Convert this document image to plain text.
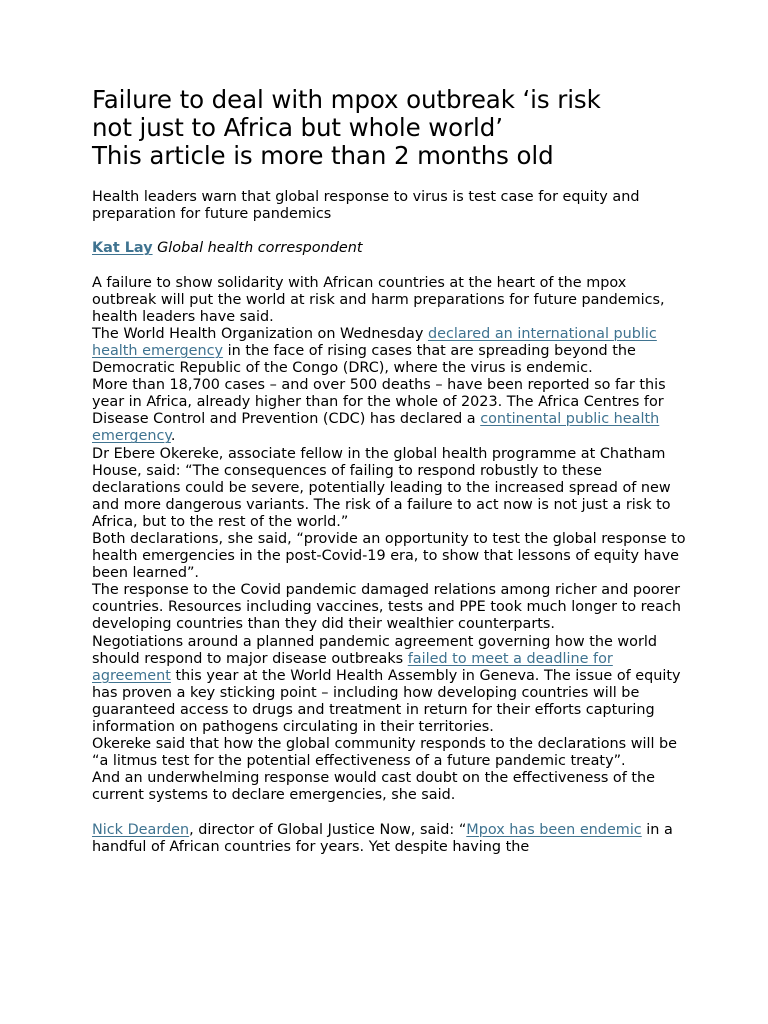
Failure to deal with mpox outbreak ‘is risk
not just to Africa but whole world’
This article is more than 2 months old

Health leaders warn that global response to virus is test case for equity and preparation for future pandemics

Kat Lay Global health correspondent

A failure to show solidarity with African countries at the heart of the mpox outbreak will put the world at risk and harm preparations for future pandemics, health leaders have said.

The World Health Organization on Wednesday declared an international public health emergency in the face of rising cases that are spreading beyond the Democratic Republic of the Congo (DRC), where the virus is endemic.

More than 18,700 cases – and over 500 deaths – have been reported so far this year in Africa, already higher than for the whole of 2023. The Africa Centres for Disease Control and Prevention (CDC) has declared a continental public health emergency.

Dr Ebere Okereke, associate fellow in the global health programme at Chatham House, said: “The consequences of failing to respond robustly to these declarations could be severe, potentially leading to the increased spread of new and more dangerous variants. The risk of a failure to act now is not just a risk to Africa, but to the rest of the world.”

Both declarations, she said, “provide an opportunity to test the global response to health emergencies in the post-Covid-19 era, to show that lessons of equity have been learned”.

The response to the Covid pandemic damaged relations among richer and poorer countries. Resources including vaccines, tests and PPE took much longer to reach developing countries than they did their wealthier counterparts.

Negotiations around a planned pandemic agreement governing how the world should respond to major disease outbreaks failed to meet a deadline for agreement this year at the World Health Assembly in Geneva. The issue of equity has proven a key sticking point – including how developing countries will be guaranteed access to drugs and treatment in return for their efforts capturing information on pathogens circulating in their territories.

Okereke said that how the global community responds to the declarations will be “a litmus test for the potential effectiveness of a future pandemic treaty”.

And an underwhelming response would cast doubt on the effectiveness of the current systems to declare emergencies, she said.

Nick Dearden, director of Global Justice Now, said: “Mpox has been endemic in a handful of African countries for years. Yet despite having the
